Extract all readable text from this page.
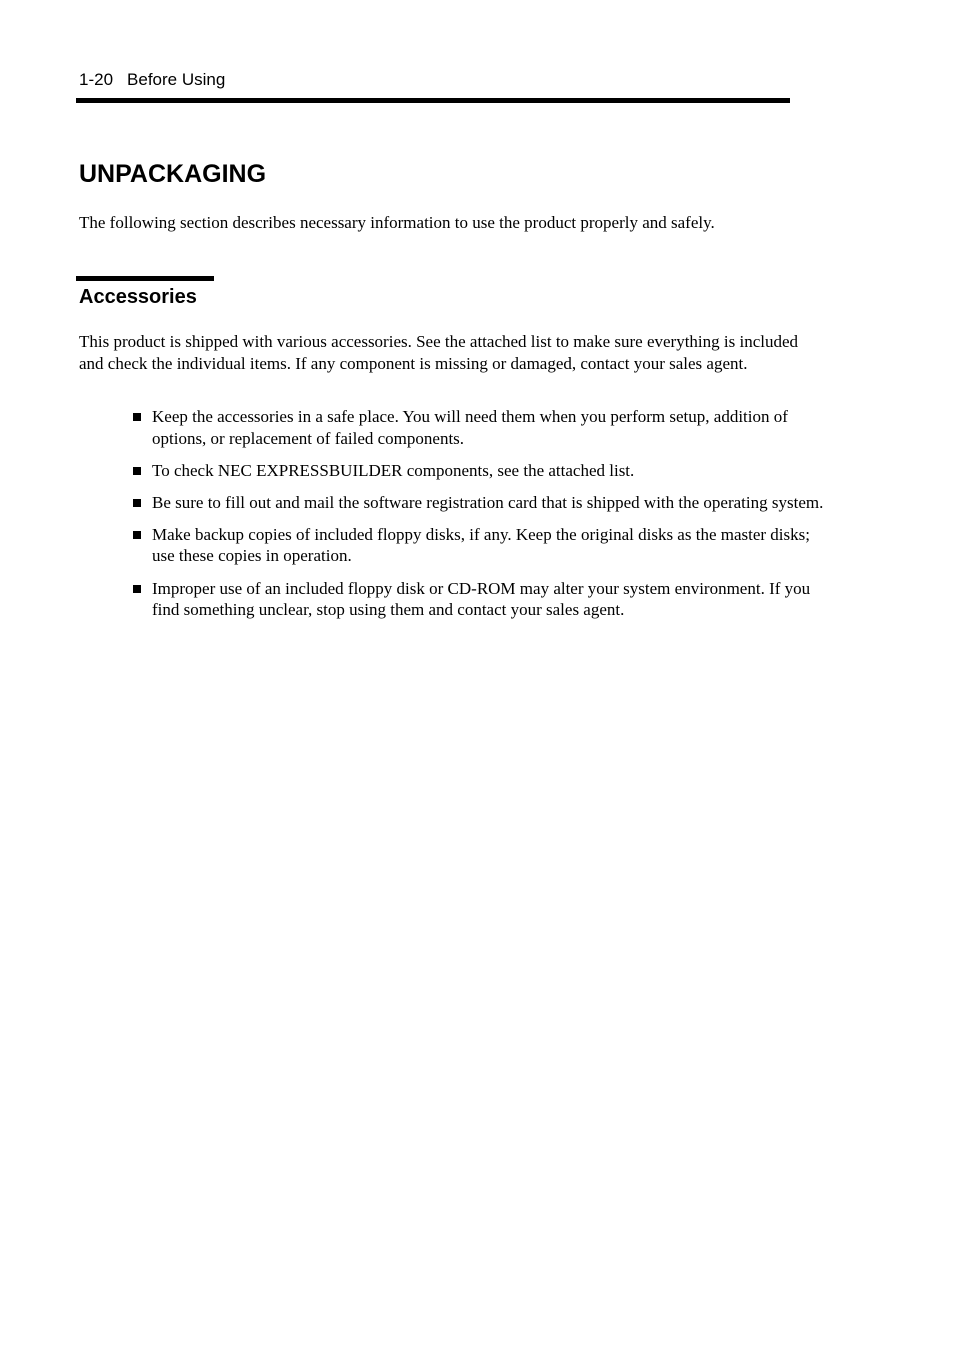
1-20 Before Using
UNPACKAGING

The following section describes necessary information to use the product properly and safely.

Accessories

This product is shipped with various accessories. See the attached list to make sure everything is included and check the individual items. If any component is missing or damaged, contact your sales agent.

Keep the accessories in a safe place. You will need them when you perform setup, addition of options, or replacement of failed components.
To check NEC EXPRESSBUILDER components, see the attached list.
Be sure to fill out and mail the software registration card that is shipped with the operating system.
Make backup copies of included floppy disks, if any. Keep the original disks as the master disks; use these copies in operation.
Improper use of an included floppy disk or CD-ROM may alter your system environment. If you find something unclear, stop using them and contact your sales agent.
